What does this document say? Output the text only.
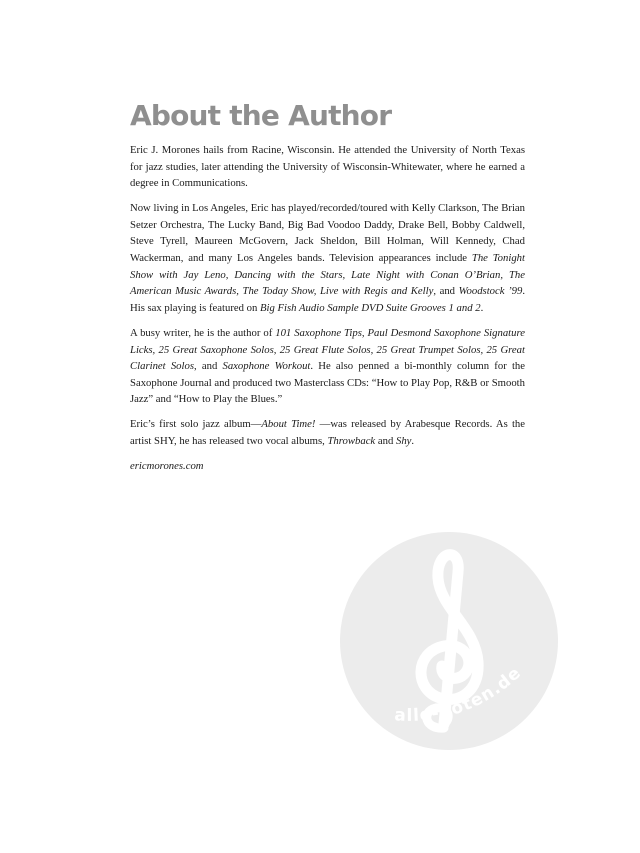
About the Author

Eric J. Morones hails from Racine, Wisconsin. He attended the University of North Texas for jazz studies, later attending the University of Wisconsin-Whitewater, where he earned a degree in Communications.

Now living in Los Angeles, Eric has played/recorded/toured with Kelly Clarkson, The Brian Setzer Orchestra, The Lucky Band, Big Bad Voodoo Daddy, Drake Bell, Bobby Caldwell, Steve Tyrell, Maureen McGovern, Jack Sheldon, Bill Holman, Will Kennedy, Chad Wackerman, and many Los Angeles bands. Television appearances include The Tonight Show with Jay Leno, Dancing with the Stars, Late Night with Conan O’Brian, The American Music Awards, The Today Show, Live with Regis and Kelly, and Woodstock ’99. His sax playing is featured on Big Fish Audio Sample DVD Suite Grooves 1 and 2.

A busy writer, he is the author of 101 Saxophone Tips, Paul Desmond Saxophone Signature Licks, 25 Great Saxophone Solos, 25 Great Flute Solos, 25 Great Trumpet Solos, 25 Great Clarinet Solos, and Saxophone Workout. He also penned a bi-monthly column for the Saxophone Journal and produced two Masterclass CDs: “How to Play Pop, R&B or Smooth Jazz” and “How to Play the Blues.”

Eric’s first solo jazz album—About Time! —was released by Arabesque Records. As the artist SHY, he has released two vocal albums, Throwback and Shy.

ericmorones.com

alle-noten.de
